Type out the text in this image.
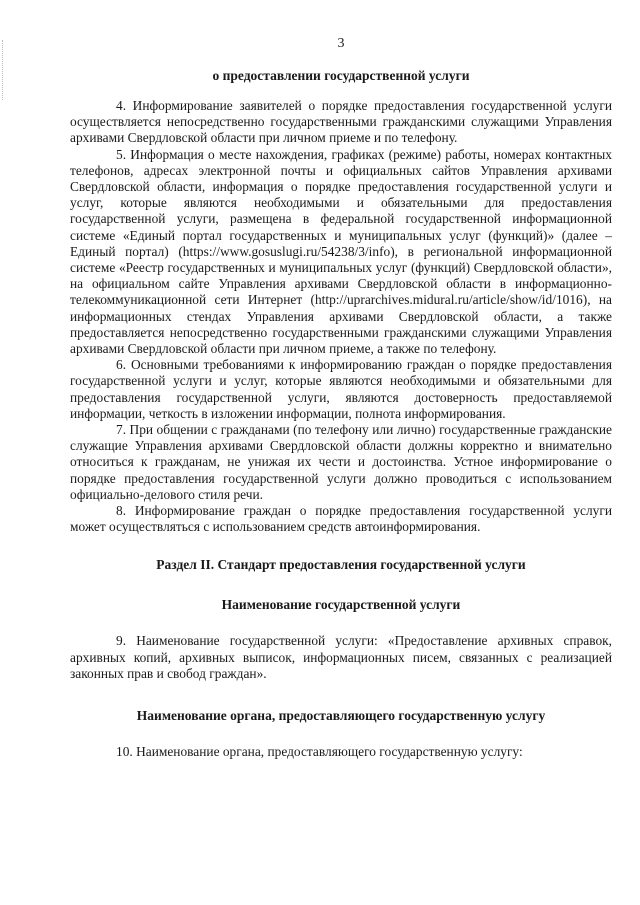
3
о предоставлении государственной услуги

4. Информирование заявителей о порядке предоставления государственной услуги осуществляется непосредственно государственными гражданскими служащими Управления архивами Свердловской области при личном приеме и по телефону.

5. Информация о месте нахождения, графиках (режиме) работы, номерах контактных телефонов, адресах электронной почты и официальных сайтов Управления архивами Свердловской области, информация о порядке предоставления государственной услуги и услуг, которые являются необходимыми и обязательными для предоставления государственной услуги, размещена в федеральной государственной информационной системе «Единый портал государственных и муниципальных услуг (функций)» (далее – Единый портал) (https://www.gosuslugi.ru/54238/3/info), в региональной информационной системе «Реестр государственных и муниципальных услуг (функций) Свердловской области», на официальном сайте Управления архивами Свердловской области в информационно-телекоммуникационной сети Интернет (http://uprarchives.midural.ru/article/show/id/1016), на информационных стендах Управления архивами Свердловской области, а также предоставляется непосредственно государственными гражданскими служащими Управления архивами Свердловской области при личном приеме, а также по телефону.

6. Основными требованиями к информированию граждан о порядке предоставления государственной услуги и услуг, которые являются необходимыми и обязательными для предоставления государственной услуги, являются достоверность предоставляемой информации, четкость в изложении информации, полнота информирования.

7. При общении с гражданами (по телефону или лично) государственные гражданские служащие Управления архивами Свердловской области должны корректно и внимательно относиться к гражданам, не унижая их чести и достоинства. Устное информирование о порядке предоставления государственной услуги должно проводиться с использованием официально-делового стиля речи.

8. Информирование граждан о порядке предоставления государственной услуги может осуществляться с использованием средств автоинформирования.

Раздел II. Стандарт предоставления государственной услуги
Наименование государственной услуги

9. Наименование государственной услуги: «Предоставление архивных справок, архивных копий, архивных выписок, информационных писем, связанных с реализацией законных прав и свобод граждан».

Наименование органа, предоставляющего государственную услугу

10. Наименование органа, предоставляющего государственную услугу:
